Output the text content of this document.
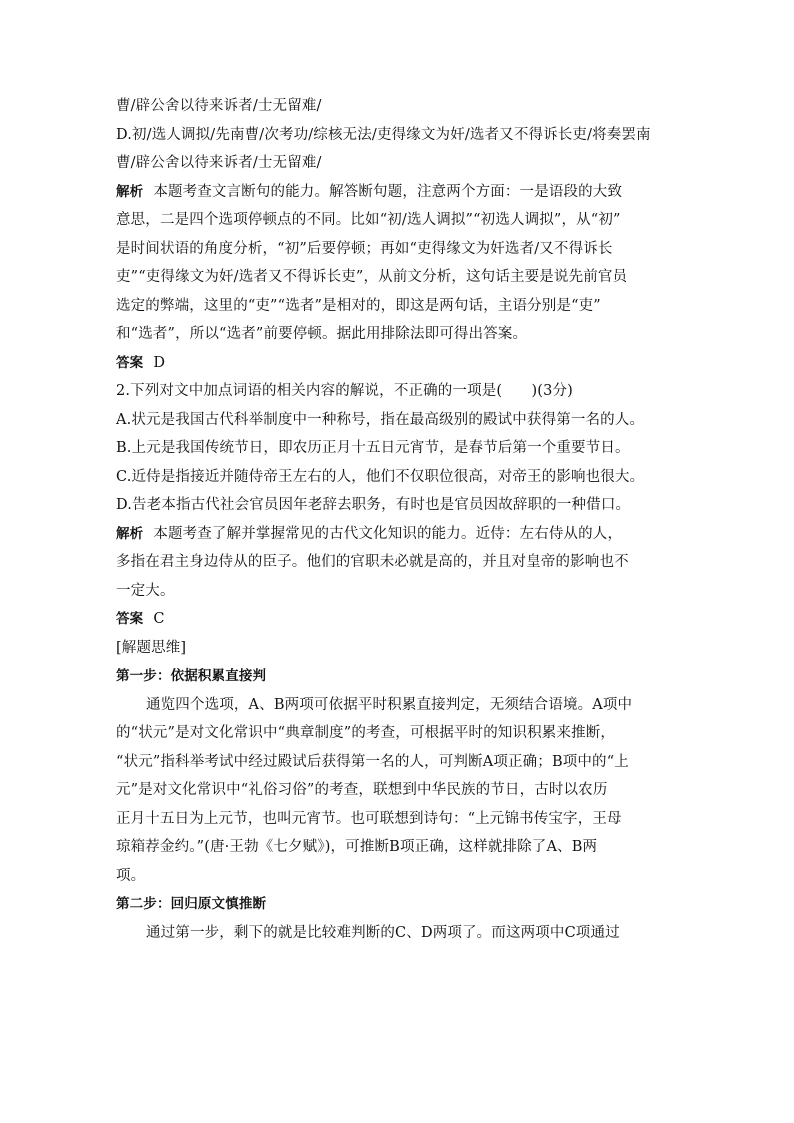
曹/辟公舍以待来诉者/士无留难/
D.初/选人调拟/先南曹/次考功/综核无法/吏得缘文为奸/选者又不得诉长吏/将奏罢南
曹/辟公舍以待来诉者/士无留难/
解析 本题考查文言断句的能力。解答断句题，注意两个方面：一是语段的大致
意思，二是四个选项停顿点的不同。比如“初/选人调拟”“初选人调拟”，从“初”
是时间状语的角度分析，“初”后要停顿；再如“吏得缘文为奸选者/又不得诉长
吏”“吏得缘文为奸/选者又不得诉长吏”，从前文分析，这句话主要是说先前官员
选定的弊端，这里的“吏”“选者”是相对的，即这是两句话，主语分别是“吏”
和“选者”，所以“选者”前要停顿。据此用排除法即可得出答案。
答案 D
2.下列对文中加点词语的相关内容的解说，不正确的一项是(　　)(3分)
A.状元是我国古代科举制度中一种称号，指在最高级别的殿试中获得第一名的人。
B.上元是我国传统节日，即农历正月十五日元宵节，是春节后第一个重要节日。
C.近侍是指接近并随侍帝王左右的人，他们不仅职位很高，对帝王的影响也很大。
D.告老本指古代社会官员因年老辞去职务，有时也是官员因故辞职的一种借口。
解析 本题考查了解并掌握常见的古代文化知识的能力。近侍：左右侍从的人，
多指在君主身边侍从的臣子。他们的官职未必就是高的，并且对皇帝的影响也不
一定大。
答案 C
[解题思维]
第一步：依据积累直接判
通览四个选项，A、B两项可依据平时积累直接判定，无须结合语境。A项中
的“状元”是对文化常识中“典章制度”的考查，可根据平时的知识积累来推断，
“状元”指科举考试中经过殿试后获得第一名的人，可判断A项正确；B项中的“上
元”是对文化常识中“礼俗习俗”的考查，联想到中华民族的节日，古时以农历
正月十五日为上元节，也叫元宵节。也可联想到诗句：“上元锦书传宝字，王母
琼箱荐金约。”(唐·王勃《七夕赋》)，可推断B项正确，这样就排除了A、B两
项。
第二步：回归原文慎推断
通过第一步，剩下的就是比较难判断的C、D两项了。而这两项中C项通过
